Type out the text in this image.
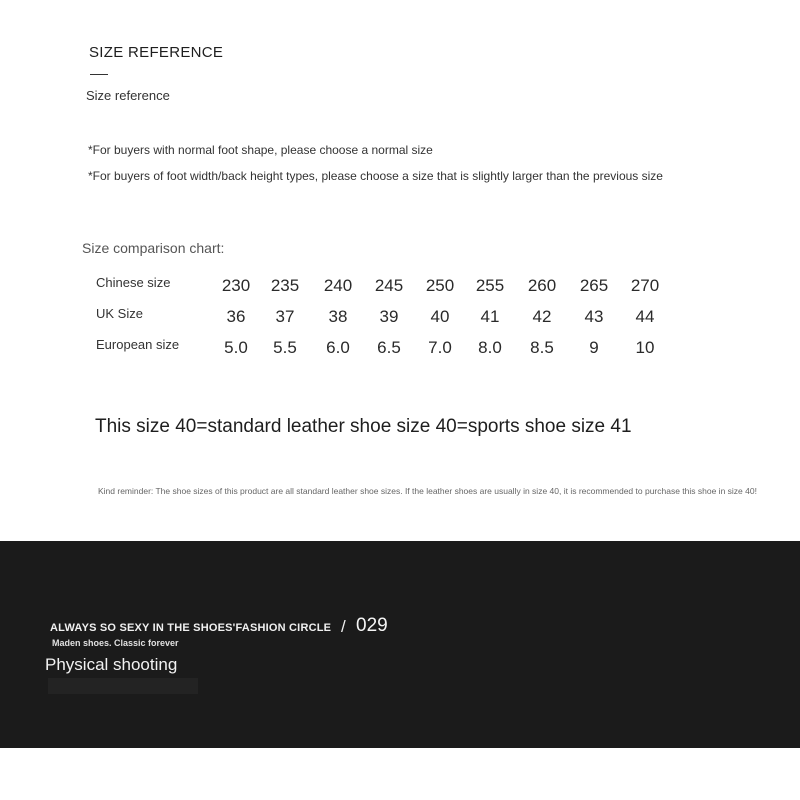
SIZE REFERENCE
Size reference
*For buyers with normal foot shape, please choose a normal size
*For buyers of foot width/back height types, please choose a size that is slightly larger than the previous size
Size comparison chart:
Chinese size	230	235	240	245	250	255	260	265	270
UK Size	36	37	38	39	40	41	42	43	44
European size	5.0	5.5	6.0	6.5	7.0	8.0	8.5	9	10
This size 40=standard leather shoe size 40=sports shoe size 41
Kind reminder: The shoe sizes of this product are all standard leather shoe sizes. If the leather shoes are usually in size 40, it is recommended to purchase this shoe in size 40!
ALWAYS SO SEXY IN THE SHOES'FASHION CIRCLE / 029
Maden shoes. Classic forever
Physical shooting
